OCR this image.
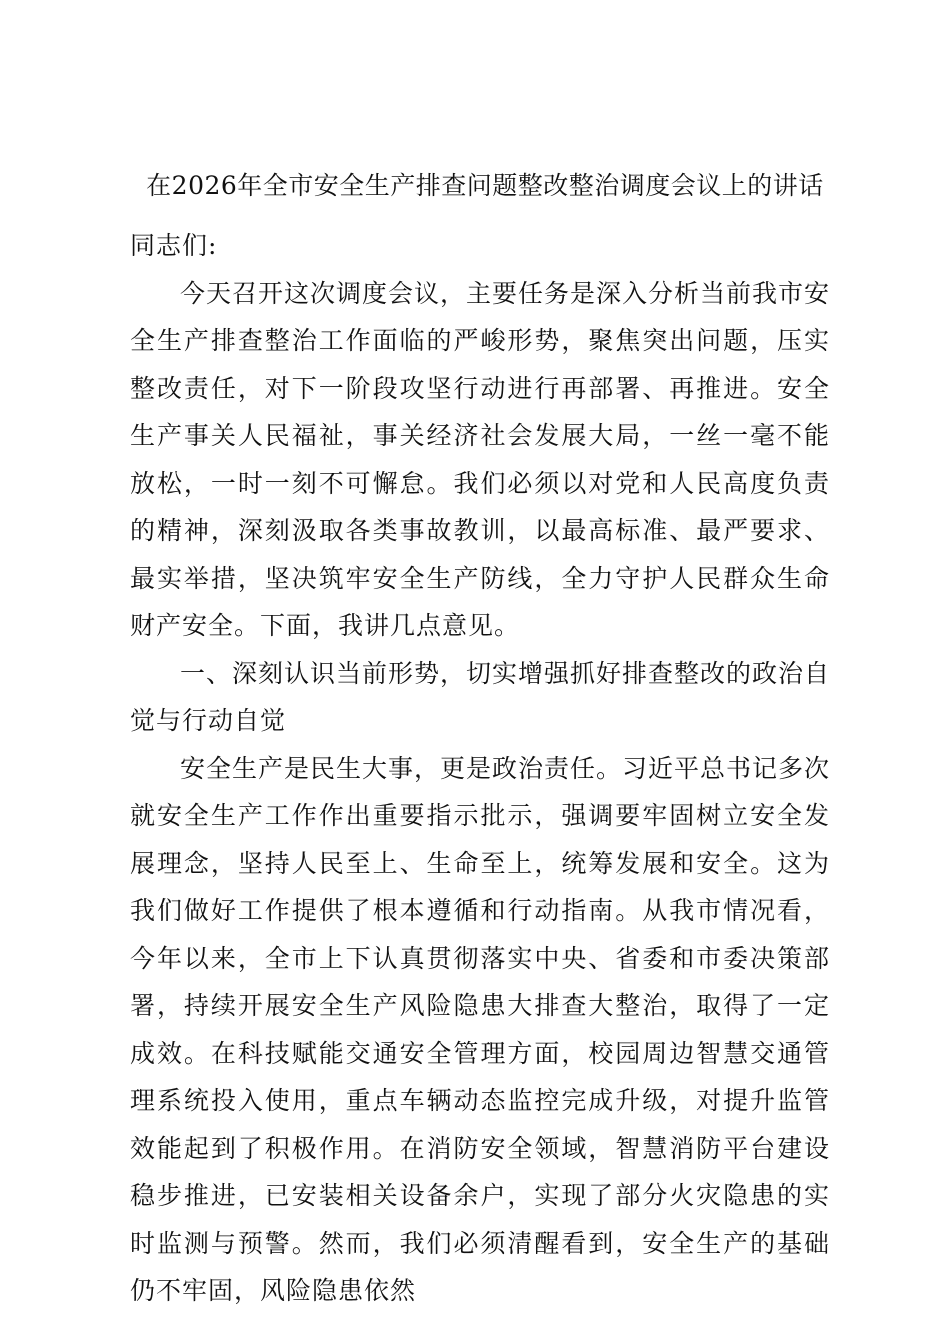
在2026年全市安全生产排查问题整改整治调度会议上的讲话

同志们:

今天召开这次调度会议，主要任务是深入分析当前我市安全生产排查整治工作面临的严峻形势，聚焦突出问题，压实整改责任，对下一阶段攻坚行动进行再部署、再推进。安全生产事关人民福祉，事关经济社会发展大局，一丝一毫不能放松，一时一刻不可懈怠。我们必须以对党和人民高度负责的精神，深刻汲取各类事故教训，以最高标准、最严要求、最实举措，坚决筑牢安全生产防线，全力守护人民群众生命财产安全。下面，我讲几点意见。

一、深刻认识当前形势，切实增强抓好排查整改的政治自觉与行动自觉

安全生产是民生大事，更是政治责任。习近平总书记多次就安全生产工作作出重要指示批示，强调要牢固树立安全发展理念，坚持人民至上、生命至上，统筹发展和安全。这为我们做好工作提供了根本遵循和行动指南。从我市情况看，今年以来，全市上下认真贯彻落实中央、省委和市委决策部署，持续开展安全生产风险隐患大排查大整治，取得了一定成效。在科技赋能交通安全管理方面，校园周边智慧交通管理系统投入使用，重点车辆动态监控完成升级，对提升监管效能起到了积极作用。在消防安全领域，智慧消防平台建设稳步推进，已安装相关设备余户，实现了部分火灾隐患的实时监测与预警。然而，我们必须清醒看到，安全生产的基础仍不牢固，风险隐患依然
